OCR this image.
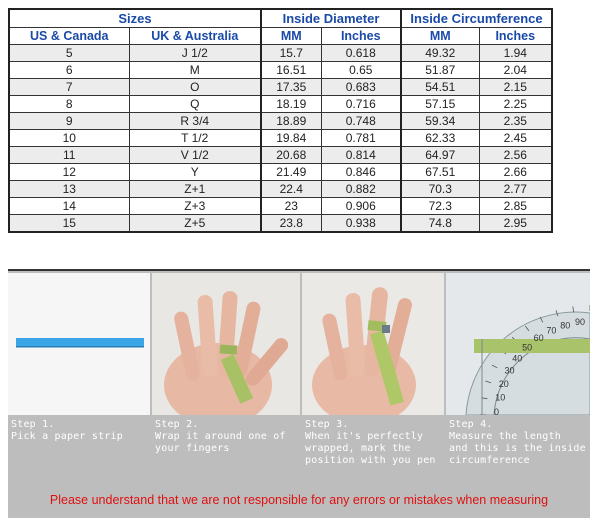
Sizes		Inside Diameter		Inside Circumference	
US & Canada	UK & Australia	MM	Inches	MM	Inches
5	J 1/2	15.7	0.618	49.32	1.94
6	M	16.51	0.65	51.87	2.04
7	O	17.35	0.683	54.51	2.15
8	Q	18.19	0.716	57.15	2.25
9	R 3/4	18.89	0.748	59.34	2.35
10	T 1/2	19.84	0.781	62.33	2.45
11	V 1/2	20.68	0.814	64.97	2.56
12	Y	21.49	0.846	67.51	2.66
13	Z+1	22.4	0.882	70.3	2.77
14	Z+3	23	0.906	72.3	2.85
15	Z+5	23.8	0.938	74.8	2.95
0
10
20
30
40
50
60
70
80 90
Step 1.
Pick a paper strip
Step 2.
Wrap it around one of
your fingers
Step 3.
When it's perfectly
wrapped, mark the
position with you pen
Step 4.
Measure the length
and this is the inside
circumference
Please understand that we are not responsible for any errors or mistakes when measuring
